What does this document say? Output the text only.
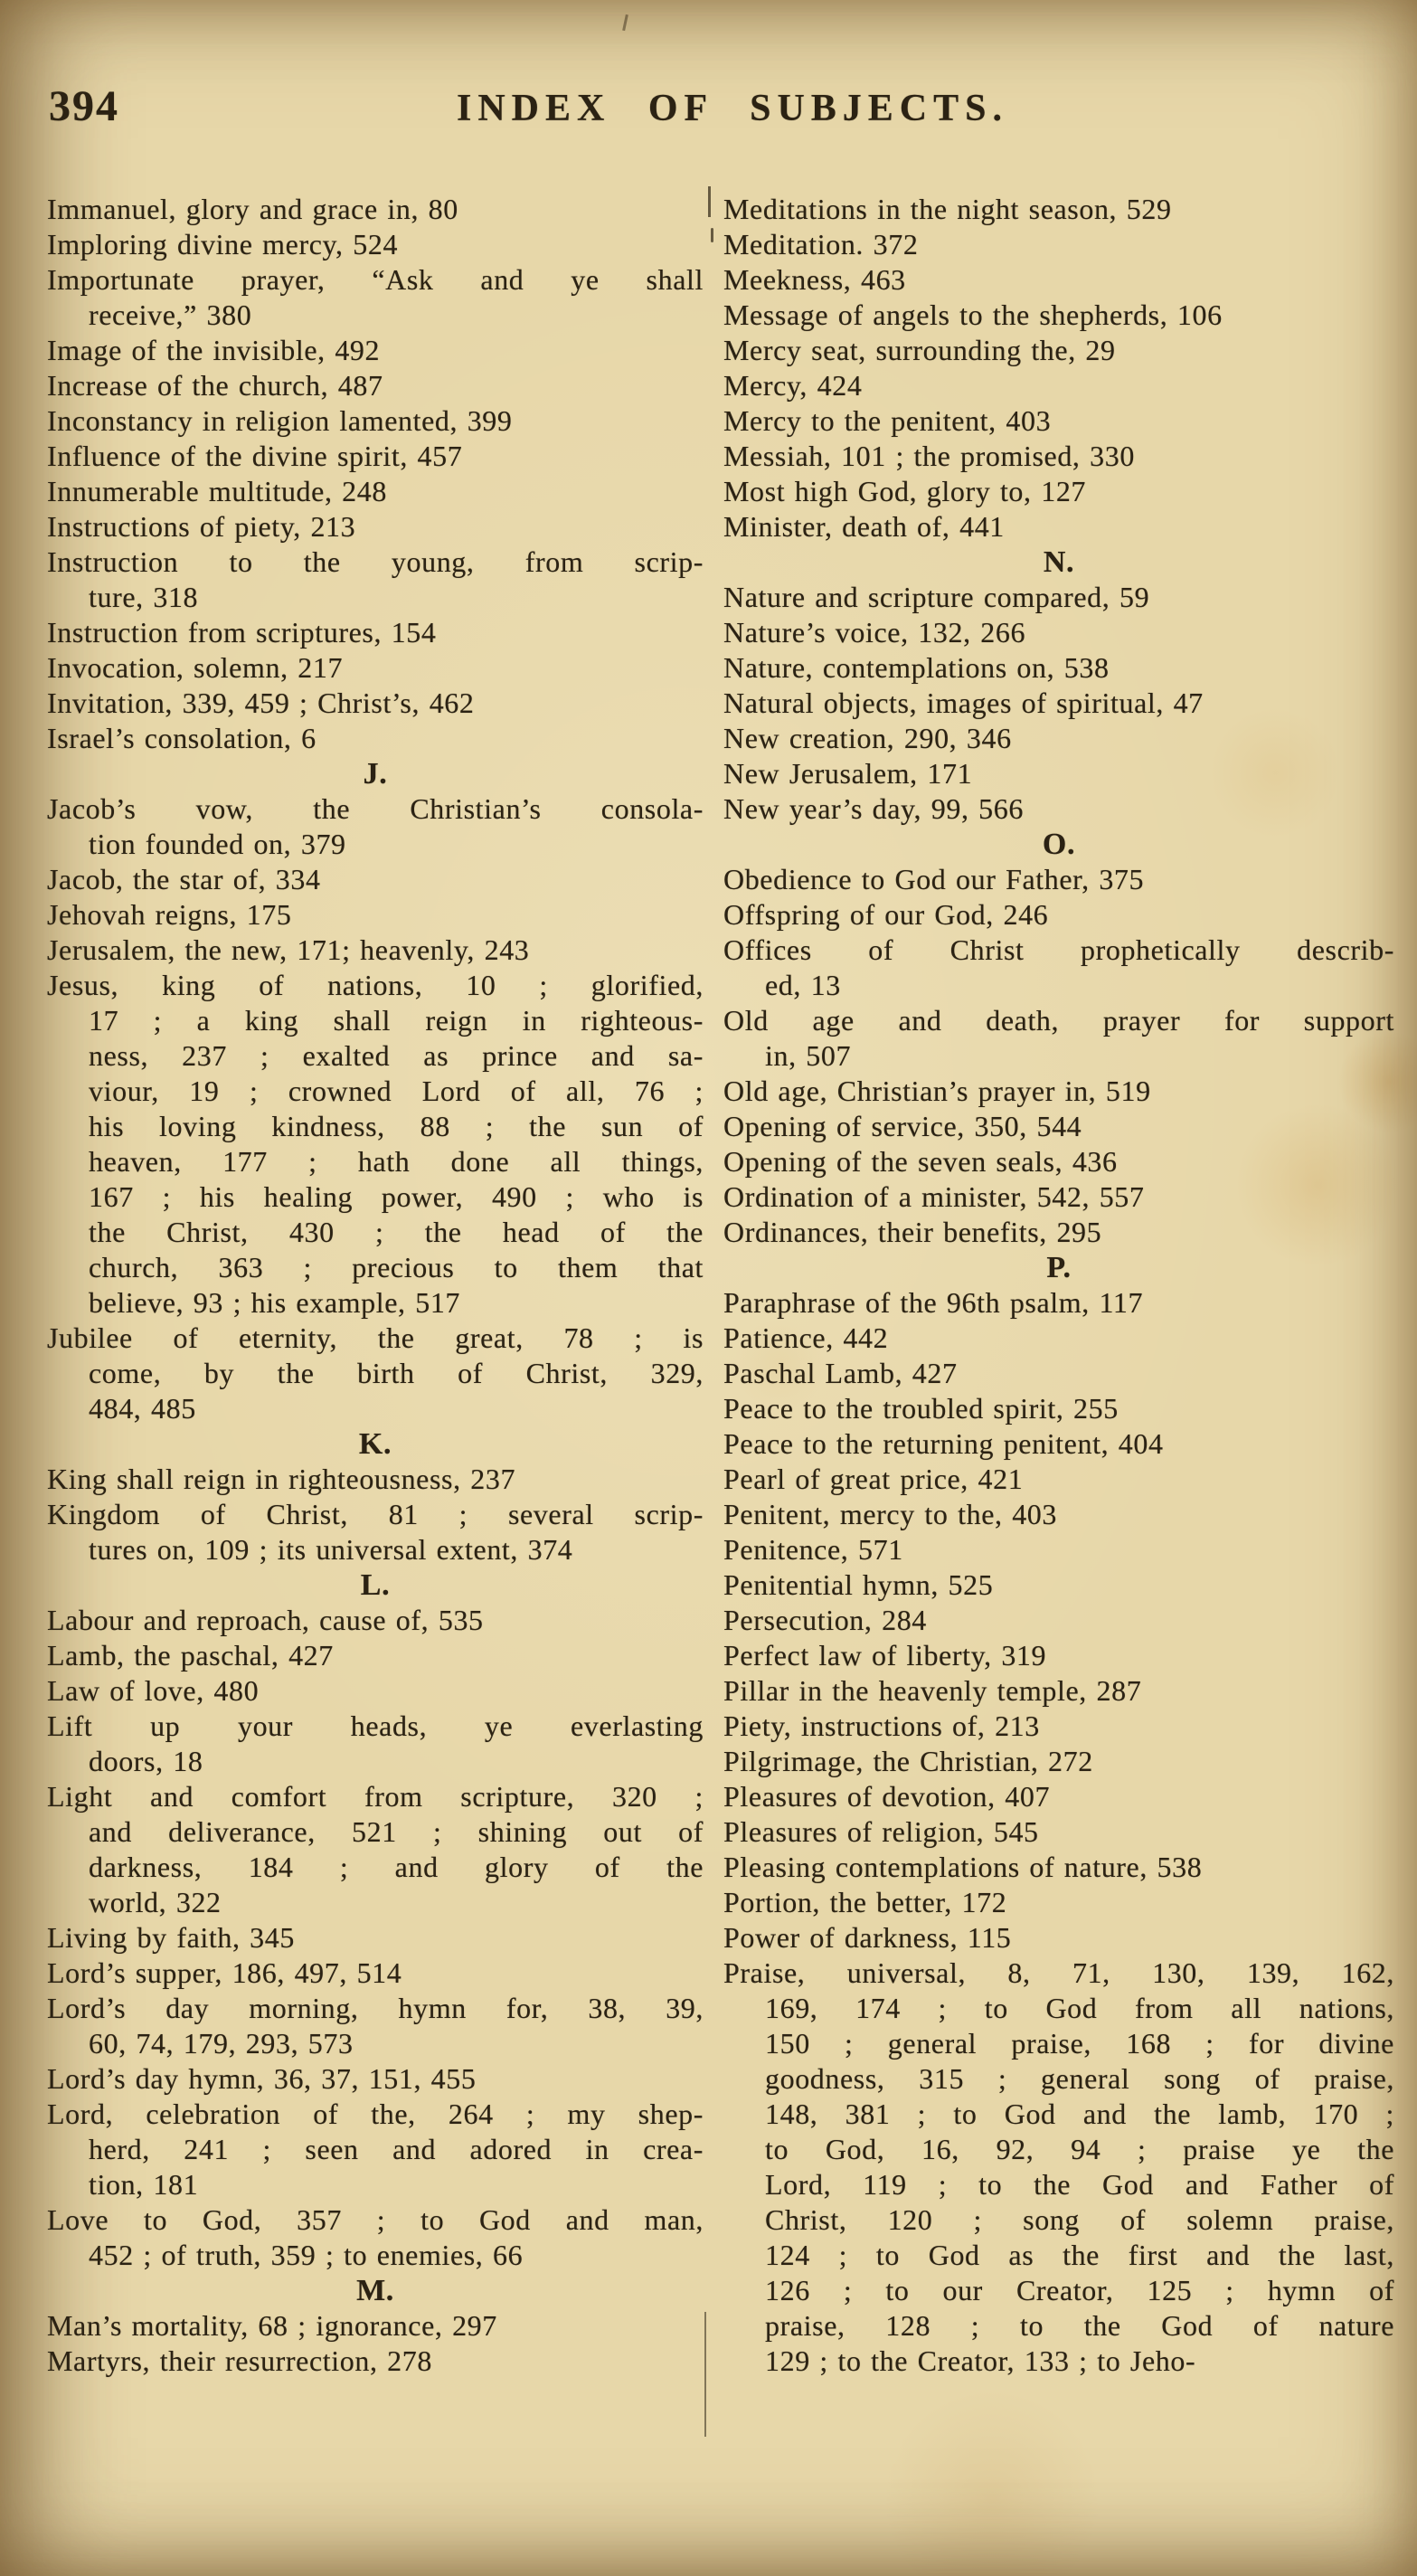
394	INDEX OF SUBJECTS.
Immanuel, glory and grace in, 80
Imploring divine mercy, 524
Importunate prayer, “Ask and ye shall
receive,” 380
Image of the invisible, 492
Increase of the church, 487
Inconstancy in religion lamented, 399
Influence of the divine spirit, 457
Innumerable multitude, 248
Instructions of piety, 213
Instruction to the young, from scrip-
ture, 318
Instruction from scriptures, 154
Invocation, solemn, 217
Invitation, 339, 459 ; Christ’s, 462
Israel’s consolation, 6
J.
Jacob’s vow, the Christian’s consola-
tion founded on, 379
Jacob, the star of, 334
Jehovah reigns, 175
Jerusalem, the new, 171; heavenly, 243
Jesus, king of nations, 10 ; glorified,
17 ; a king shall reign in righteous-
ness, 237 ; exalted as prince and sa-
viour, 19 ; crowned Lord of all, 76 ;
his loving kindness, 88 ; the sun of
heaven, 177 ; hath done all things,
167 ; his healing power, 490 ; who is
the Christ, 430 ; the head of the
church, 363 ; precious to them that
believe, 93 ; his example, 517
Jubilee of eternity, the great, 78 ; is
come, by the birth of Christ, 329,
484, 485
K.
King shall reign in righteousness, 237
Kingdom of Christ, 81 ; several scrip-
tures on, 109 ; its universal extent, 374
L.
Labour and reproach, cause of, 535
Lamb, the paschal, 427
Law of love, 480
Lift up your heads, ye everlasting
doors, 18
Light and comfort from scripture, 320 ;
and deliverance, 521 ; shining out of
darkness, 184 ; and glory of the
world, 322
Living by faith, 345
Lord’s supper, 186, 497, 514
Lord’s day morning, hymn for, 38, 39,
60, 74, 179, 293, 573
Lord’s day hymn, 36, 37, 151, 455
Lord, celebration of the, 264 ; my shep-
herd, 241 ; seen and adored in crea-
tion, 181
Love to God, 357 ; to God and man,
452 ; of truth, 359 ; to enemies, 66
M.
Man’s mortality, 68 ; ignorance, 297
Martyrs, their resurrection, 278
Meditations in the night season, 529
Meditation. 372
Meekness, 463
Message of angels to the shepherds, 106
Mercy seat, surrounding the, 29
Mercy, 424
Mercy to the penitent, 403
Messiah, 101 ; the promised, 330
Most high God, glory to, 127
Minister, death of, 441
N.
Nature and scripture compared, 59
Nature’s voice, 132, 266
Nature, contemplations on, 538
Natural objects, images of spiritual, 47
New creation, 290, 346
New Jerusalem, 171
New year’s day, 99, 566
O.
Obedience to God our Father, 375
Offspring of our God, 246
Offices of Christ prophetically describ-
ed, 13
Old age and death, prayer for support
in, 507
Old age, Christian’s prayer in, 519
Opening of service, 350, 544
Opening of the seven seals, 436
Ordination of a minister, 542, 557
Ordinances, their benefits, 295
P.
Paraphrase of the 96th psalm, 117
Patience, 442
Paschal Lamb, 427
Peace to the troubled spirit, 255
Peace to the returning penitent, 404
Pearl of great price, 421
Penitent, mercy to the, 403
Penitence, 571
Penitential hymn, 525
Persecution, 284
Perfect law of liberty, 319
Pillar in the heavenly temple, 287
Piety, instructions of, 213
Pilgrimage, the Christian, 272
Pleasures of devotion, 407
Pleasures of religion, 545
Pleasing contemplations of nature, 538
Portion, the better, 172
Power of darkness, 115
Praise, universal, 8, 71, 130, 139, 162,
169, 174 ; to God from all nations,
150 ; general praise, 168 ; for divine
goodness, 315 ; general song of praise,
148, 381 ; to God and the lamb, 170 ;
to God, 16, 92, 94 ; praise ye the
Lord, 119 ; to the God and Father of
Christ, 120 ; song of solemn praise,
124 ; to God as the first and the last,
126 ; to our Creator, 125 ; hymn of
praise, 128 ; to the God of nature
129 ; to the Creator, 133 ; to Jeho-
